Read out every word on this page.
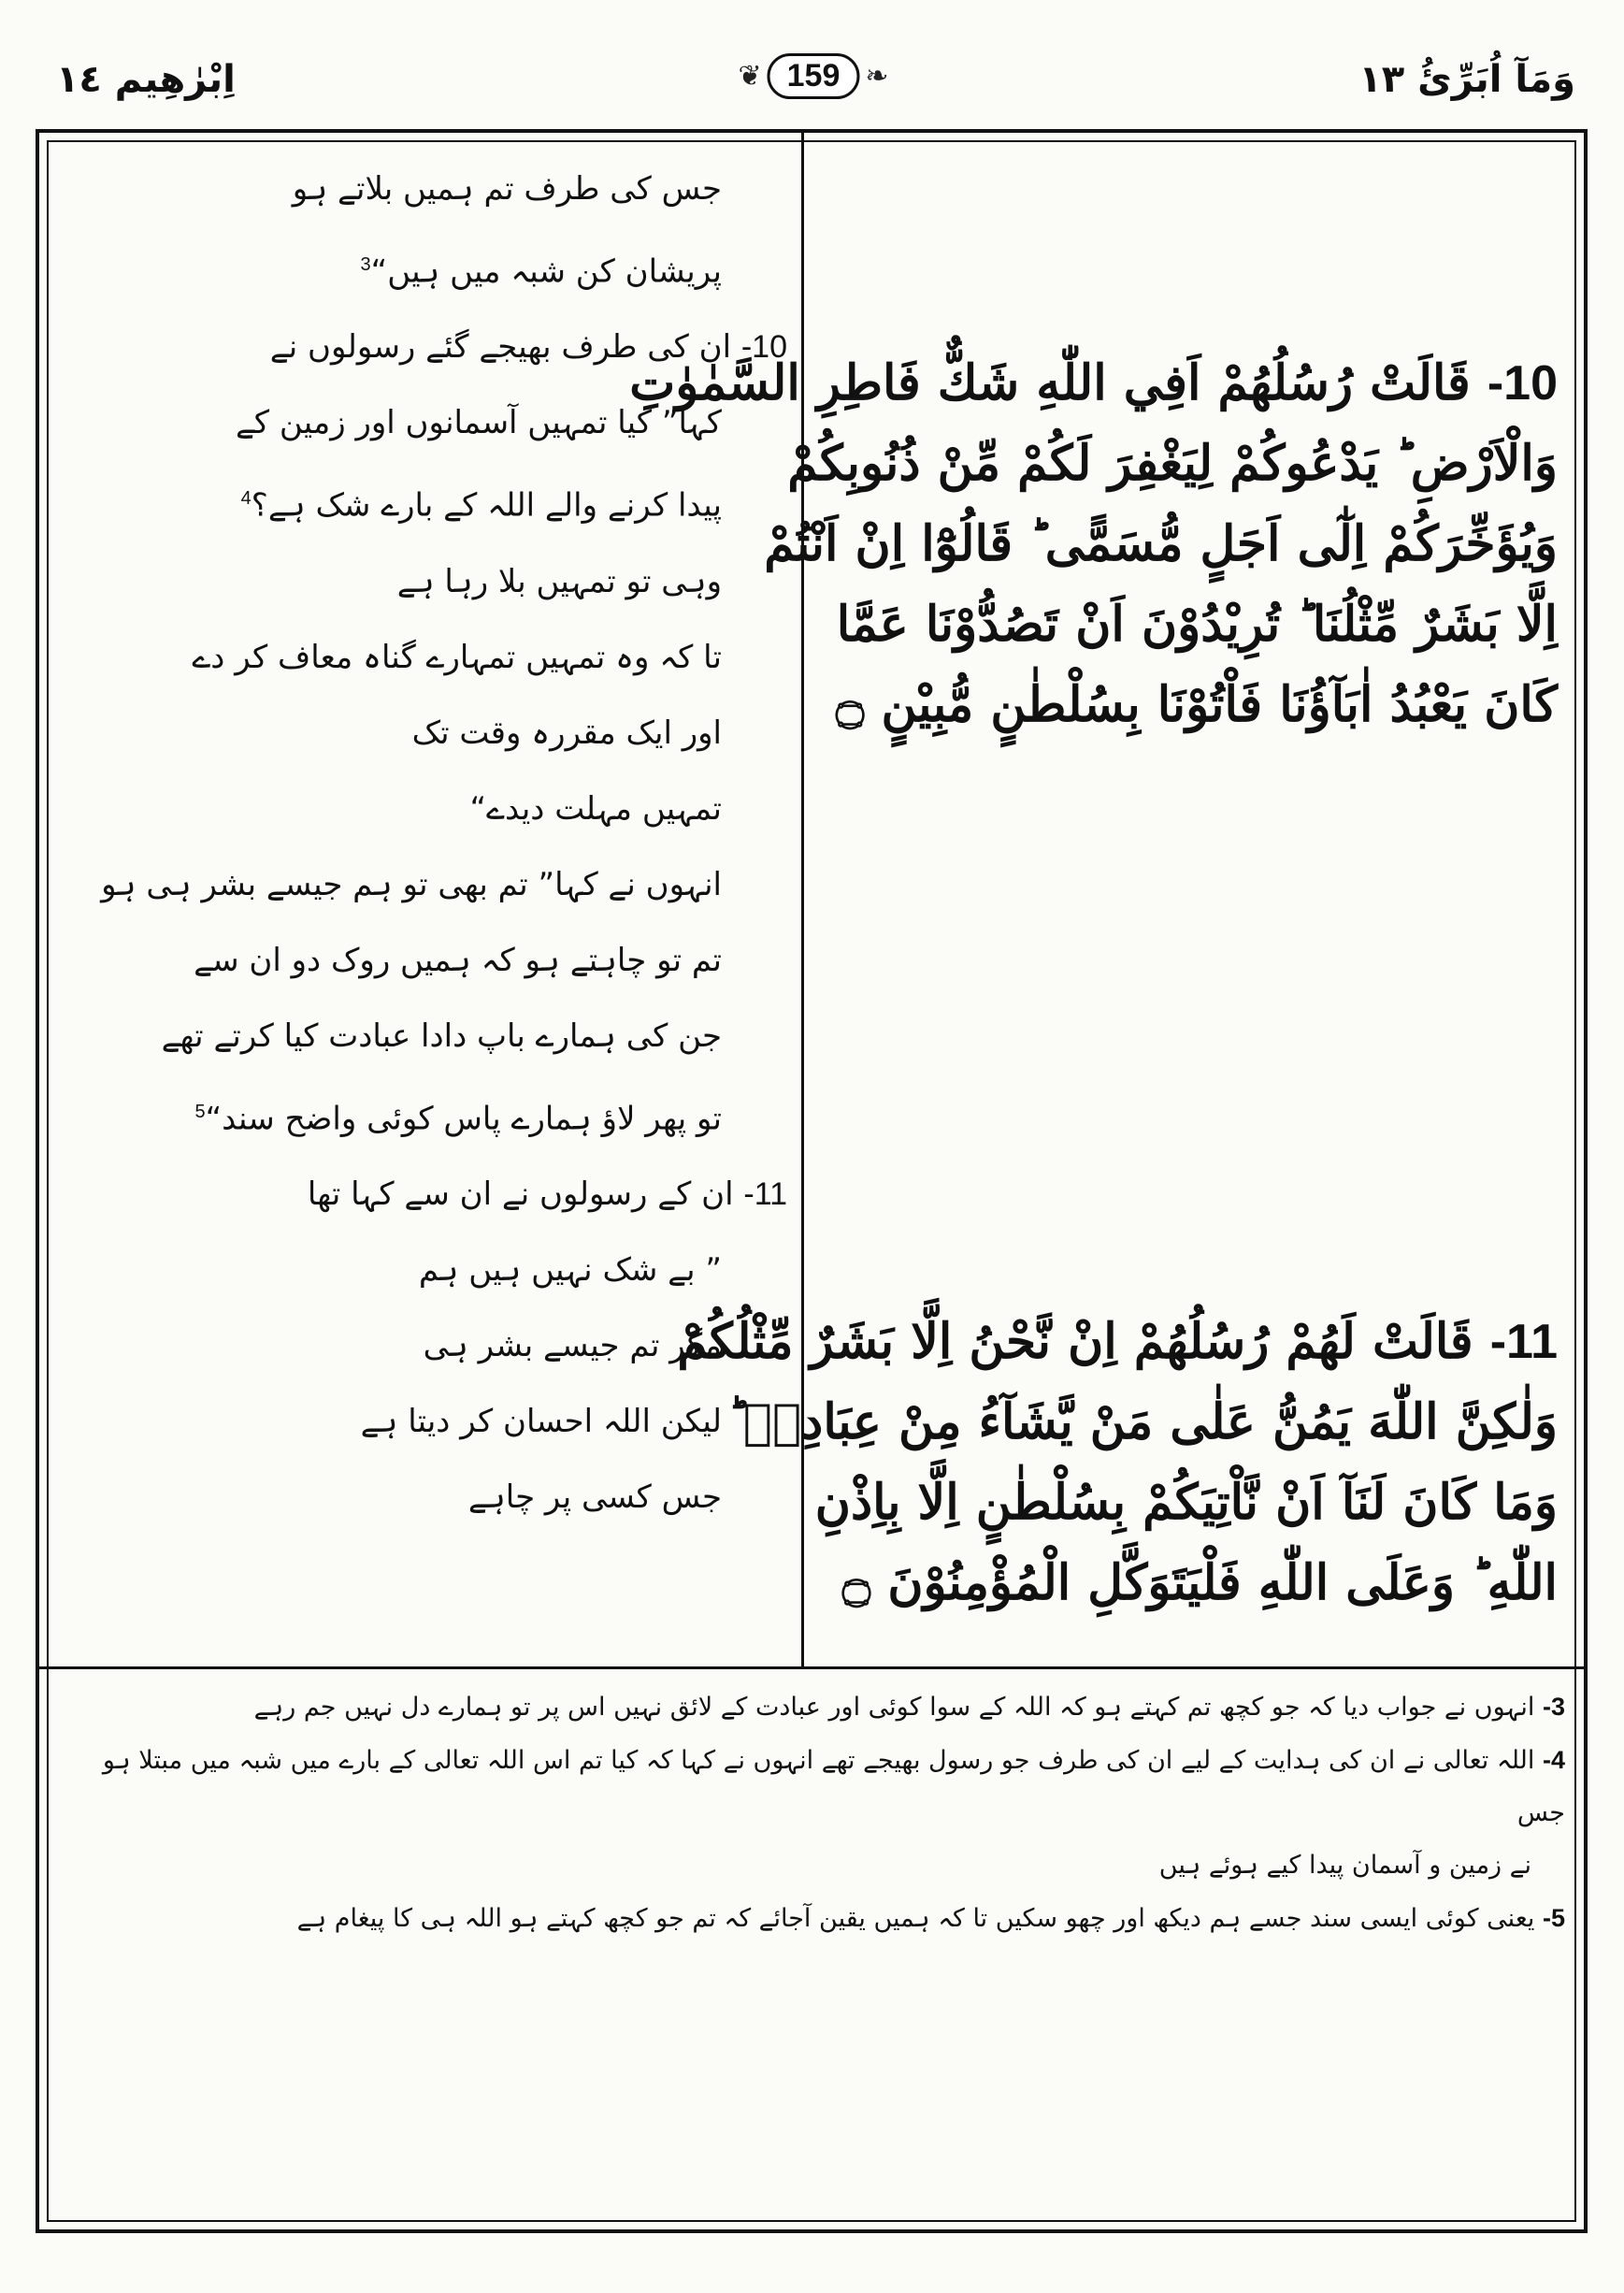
اِبْرٰهِيم ١٤	❦ 159 ❧	وَمَآ اُبَرِّئُ ١٣
10- قَالَتْ رُسُلُهُمْ اَفِي اللّٰهِ شَكٌّ فَاطِرِ السَّمٰوٰتِ
وَالْاَرْضِ ؕ يَدْعُوكُمْ لِيَغْفِرَ لَكُمْ مِّنْ ذُنُوبِكُمْ
وَيُؤَخِّرَكُمْ اِلٰٓى اَجَلٍ مُّسَمًّى ؕ قَالُوْٓا اِنْ اَنْتُمْ
اِلَّا بَشَرٌ مِّثْلُنَا ؕ تُرِيْدُوْنَ اَنْ تَصُدُّوْنَا عَمَّا
كَانَ يَعْبُدُ اٰبَآؤُنَا فَاْتُوْنَا بِسُلْطٰنٍ مُّبِيْنٍ ۝
11- قَالَتْ لَهُمْ رُسُلُهُمْ اِنْ نَّحْنُ اِلَّا بَشَرٌ مِّثْلُكُمْ
وَلٰكِنَّ اللّٰهَ يَمُنُّ عَلٰى مَنْ يَّشَآءُ مِنْ عِبَادِهٖ ؕ
وَمَا كَانَ لَنَآ اَنْ نَّاْتِيَكُمْ بِسُلْطٰنٍ اِلَّا بِاِذْنِ
اللّٰهِ ؕ وَعَلَى اللّٰهِ فَلْيَتَوَكَّلِ الْمُؤْمِنُوْنَ ۝
جس کی طرف تم ہمیں بلاتے ہو
پریشان کن شبہ میں ہیں“$^3$
10- ان کی طرف بھیجے گئے رسولوں نے
کہا” کیا تمہیں آسمانوں اور زمین کے
پیدا کرنے والے اللہ کے بارے شک ہے؟$^4$
وہی تو تمہیں بلا رہا ہے
تا کہ وہ تمہیں تمہارے گناہ معاف کر دے
اور ایک مقررہ وقت تک
تمہیں مہلت دیدے“
انہوں نے کہا” تم بھی تو ہم جیسے بشر ہی ہو
تم تو چاہتے ہو کہ ہمیں روک دو ان سے
جن کی ہمارے باپ دادا عبادت کیا کرتے تھے
تو پھر لاؤ ہمارے پاس کوئی واضح سند“$^5$
11- ان کے رسولوں نے ان سے کہا تھا
” بے شک نہیں ہیں ہم
مگر تم جیسے بشر ہی
لیکن اللہ احسان کر دیتا ہے
جس کسی پر چاہے
3- انہوں نے جواب دیا کہ جو کچھ تم کہتے ہو کہ اللہ کے سوا کوئی اور عبادت کے لائق نہیں اس پر تو ہمارے دل نہیں جم رہے
4- اللہ تعالی نے ان کی ہدایت کے لیے ان کی طرف جو رسول بھیجے تھے انہوں نے کہا کہ کیا تم اس اللہ تعالی کے بارے میں شبہ میں مبتلا ہو جس
نے زمین و آسمان پیدا کیے ہوئے ہیں
5- یعنی کوئی ایسی سند جسے ہم دیکھ اور چھو سکیں تا کہ ہمیں یقین آجائے کہ تم جو کچھ کہتے ہو اللہ ہی کا پیغام ہے
